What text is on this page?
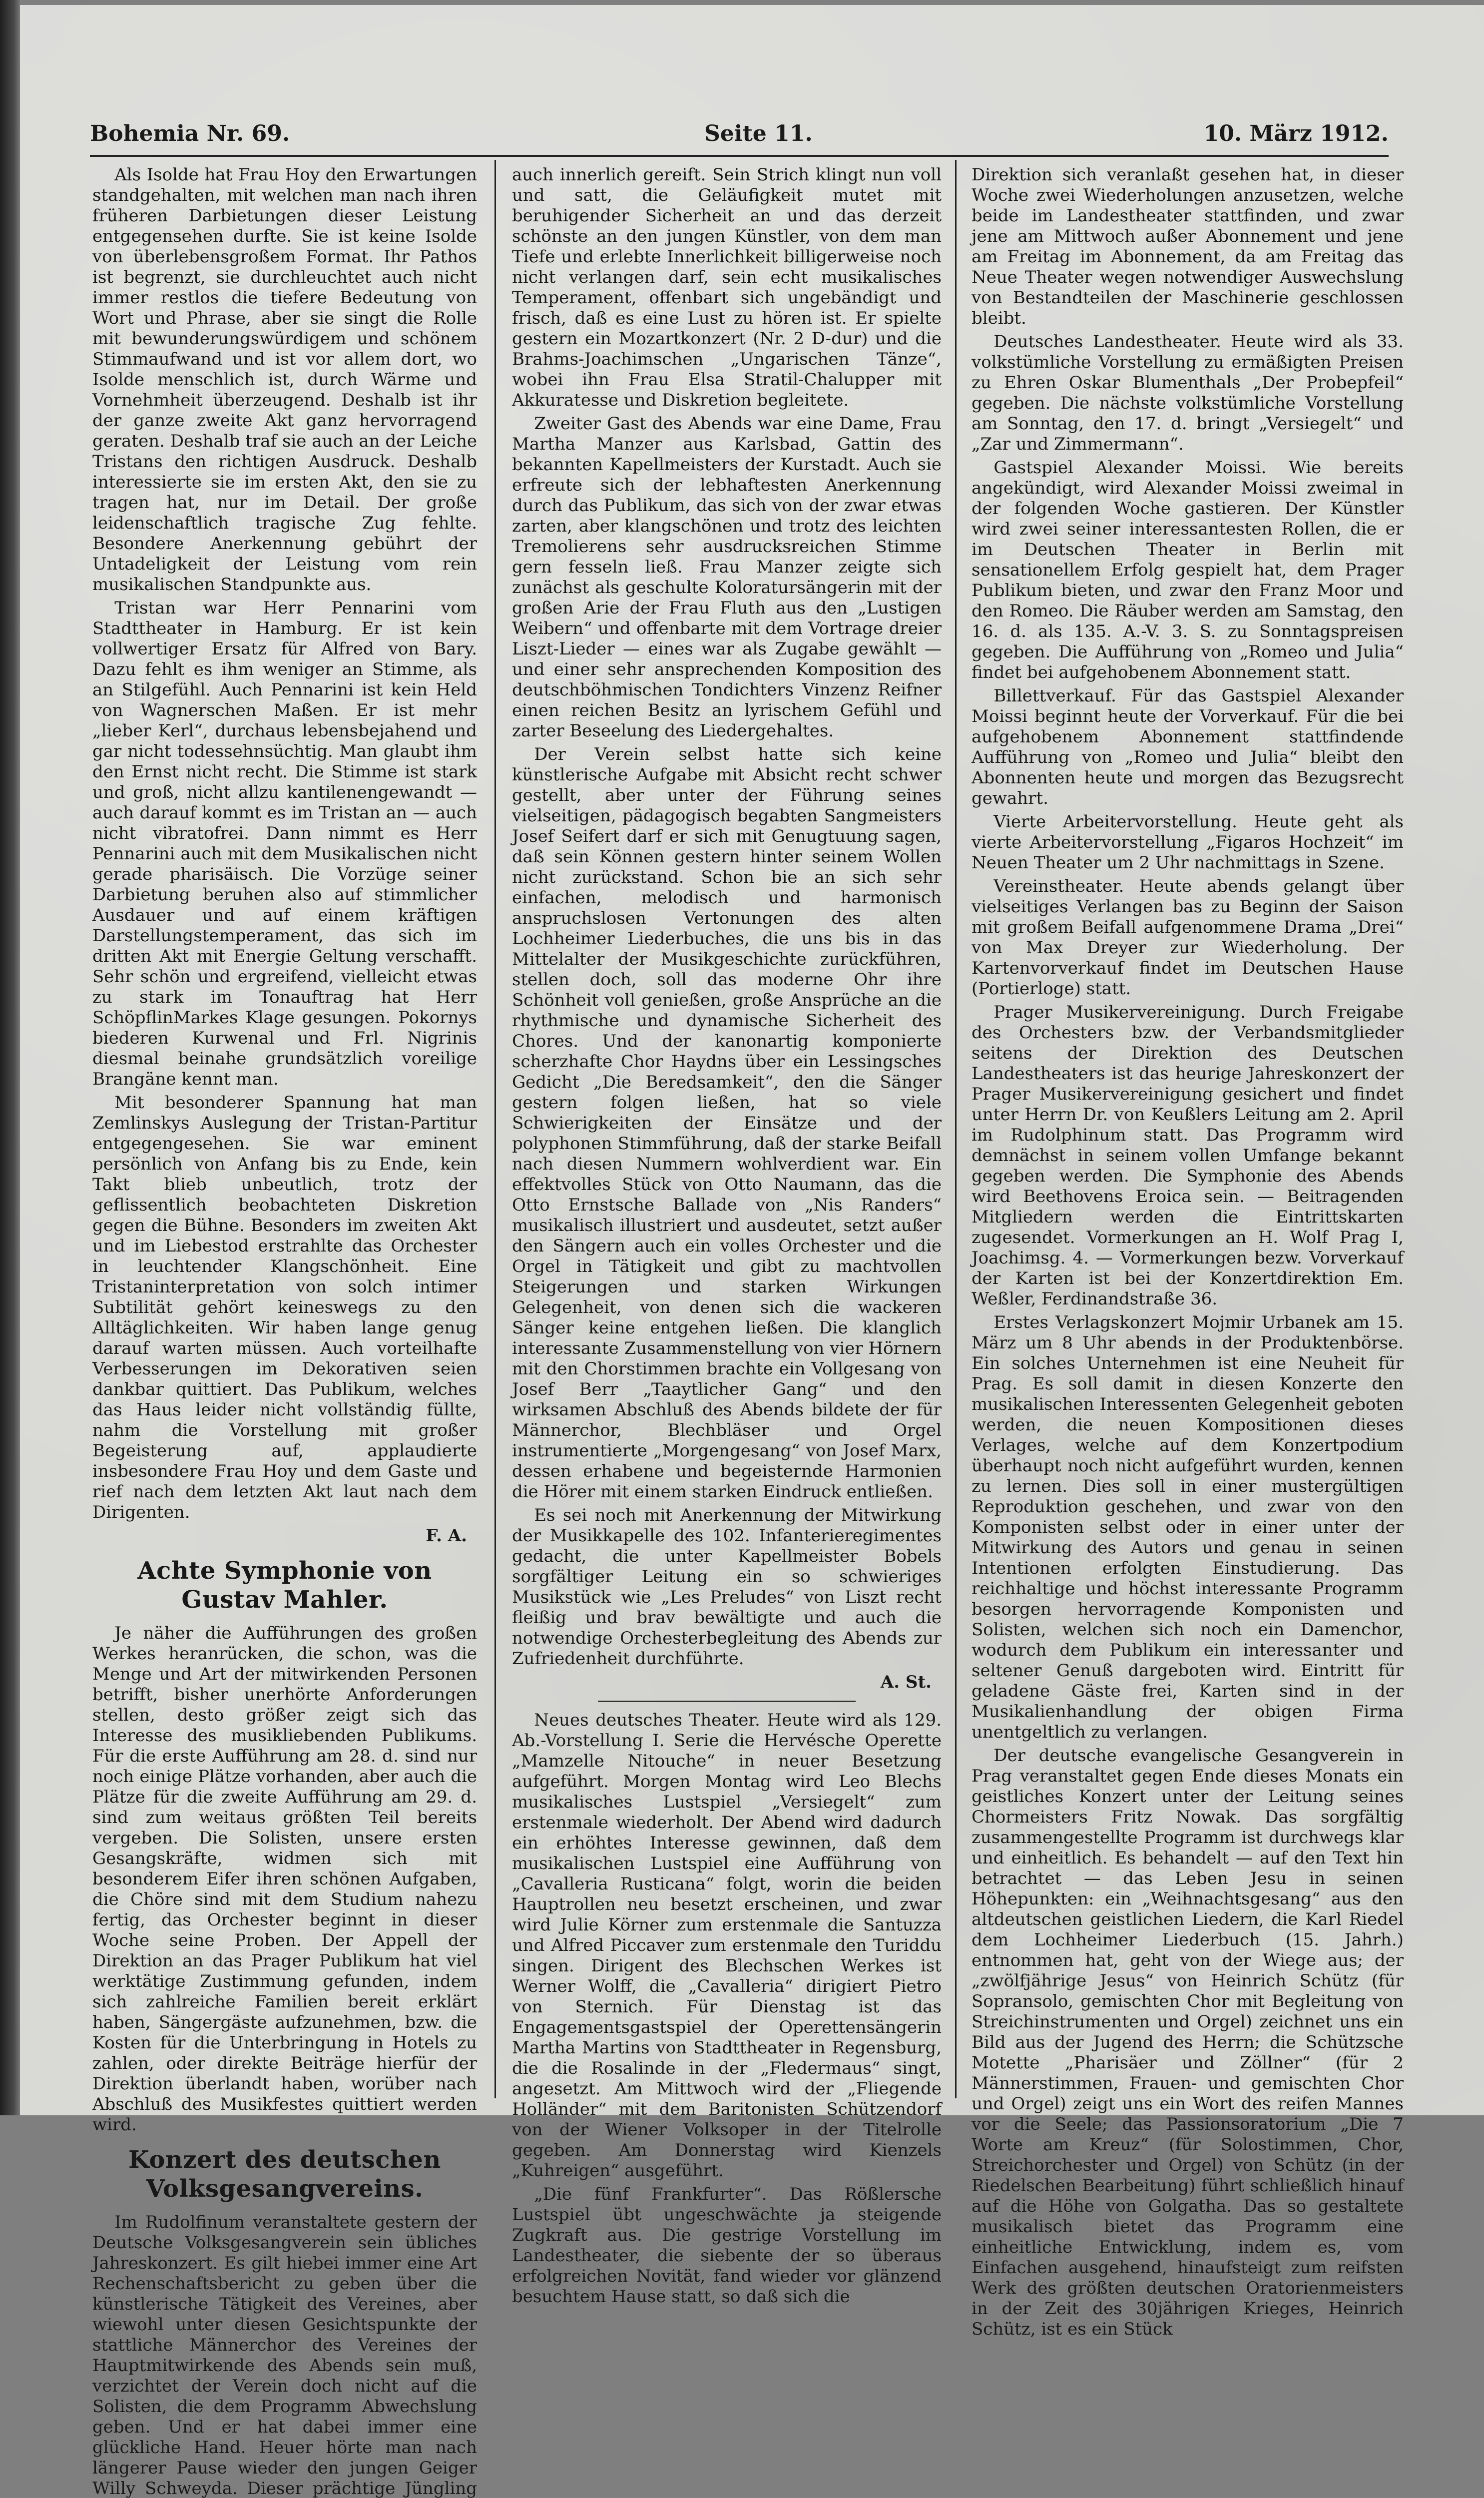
Bohemia Nr. 69.	Seite 11.	10. März 1912.

Als Isolde hat Frau Hoy den Erwartungen standgehalten, mit welchen man nach ihren früheren Darbietungen dieser Leistung entgegensehen durfte. Sie ist keine Isolde von überlebensgroßem Format. Ihr Pathos ist begrenzt, sie durchleuchtet auch nicht immer restlos die tiefere Bedeutung von Wort und Phrase, aber sie singt die Rolle mit bewunderungswürdigem und schönem Stimmaufwand und ist vor allem dort, wo Isolde menschlich ist, durch Wärme und Vornehmheit überzeugend. Deshalb ist ihr der ganze zweite Akt ganz hervorragend geraten. Deshalb traf sie auch an der Leiche Tristans den richtigen Ausdruck. Deshalb interessierte sie im ersten Akt, den sie zu tragen hat, nur im Detail. Der große leidenschaftlich tragische Zug fehlte. Besondere Anerkennung gebührt der Untadeligkeit der Leistung vom rein musikalischen Standpunkte aus.

Tristan war Herr Pennarini vom Stadttheater in Hamburg. Er ist kein vollwertiger Ersatz für Alfred von Bary. Dazu fehlt es ihm weniger an Stimme, als an Stilgefühl. Auch Pennarini ist kein Held von Wagnerschen Maßen. Er ist mehr „lieber Kerl“, durchaus lebensbejahend und gar nicht todessehnsüchtig. Man glaubt ihm den Ernst nicht recht. Die Stimme ist stark und groß, nicht allzu kantilenengewandt — auch darauf kommt es im Tristan an — auch nicht vibratofrei. Dann nimmt es Herr Pennarini auch mit dem Musikalischen nicht gerade pharisäisch. Die Vorzüge seiner Darbietung beruhen also auf stimmlicher Ausdauer und auf einem kräftigen Darstellungstemperament, das sich im dritten Akt mit Energie Geltung verschafft. Sehr schön und ergreifend, vielleicht etwas zu stark im Tonauftrag hat Herr SchöpflinMarkes Klage gesungen. Pokornys biederen Kurwenal und Frl. Nigrinis diesmal beinahe grundsätzlich voreilige Brangäne kennt man.

Mit besonderer Spannung hat man Zemlinskys Auslegung der Tristan-Partitur entgegengesehen. Sie war eminent persönlich von Anfang bis zu Ende, kein Takt blieb unbeutlich, trotz der geflissentlich beobachteten Diskretion gegen die Bühne. Besonders im zweiten Akt und im Liebestod erstrahlte das Orchester in leuchtender Klangschönheit. Eine Tristaninterpretation von solch intimer Subtilität gehört keineswegs zu den Alltäglichkeiten. Wir haben lange genug darauf warten müssen. Auch vorteilhafte Verbesserungen im Dekorativen seien dankbar quittiert. Das Publikum, welches das Haus leider nicht vollständig füllte, nahm die Vorstellung mit großer Begeisterung auf, applaudierte insbesondere Frau Hoy und dem Gaste und rief nach dem letzten Akt laut nach dem Dirigenten.

F. A.
Achte Symphonie von Gustav Mahler.

Je näher die Aufführungen des großen Werkes heranrücken, die schon, was die Menge und Art der mitwirkenden Personen betrifft, bisher unerhörte Anforderungen stellen, desto größer zeigt sich das Interesse des musikliebenden Publikums. Für die erste Aufführung am 28. d. sind nur noch einige Plätze vorhanden, aber auch die Plätze für die zweite Aufführung am 29. d. sind zum weitaus größten Teil bereits vergeben. Die Solisten, unsere ersten Gesangskräfte, widmen sich mit besonderem Eifer ihren schönen Aufgaben, die Chöre sind mit dem Studium nahezu fertig, das Orchester beginnt in dieser Woche seine Proben. Der Appell der Direktion an das Prager Publikum hat viel werktätige Zustimmung gefunden, indem sich zahlreiche Familien bereit erklärt haben, Sängergäste aufzunehmen, bzw. die Kosten für die Unterbringung in Hotels zu zahlen, oder direkte Beiträge hierfür der Direktion überlandt haben, worüber nach Abschluß des Musikfestes quittiert werden wird.

Konzert des deutschen Volksgesangvereins.

Im Rudolfinum veranstaltete gestern der Deutsche Volksgesangverein sein übliches Jahreskonzert. Es gilt hiebei immer eine Art Rechenschaftsbericht zu geben über die künstlerische Tätigkeit des Vereines, aber wiewohl unter diesen Gesichtspunkte der stattliche Männerchor des Vereines der Hauptmitwirkende des Abends sein muß, verzichtet der Verein doch nicht auf die Solisten, die dem Programm Abwechslung geben. Und er hat dabei immer eine glückliche Hand. Heuer hörte man nach längerer Pause wieder den jungen Geiger Willy Schweyda. Dieser prächtige Jüngling

auch innerlich gereift. Sein Strich klingt nun voll und satt, die Geläufigkeit mutet mit beruhigender Sicherheit an und das derzeit schönste an den jungen Künstler, von dem man Tiefe und erlebte Innerlichkeit billigerweise noch nicht verlangen darf, sein echt musikalisches Temperament, offenbart sich ungebändigt und frisch, daß es eine Lust zu hören ist. Er spielte gestern ein Mozartkonzert (Nr. 2 D-dur) und die Brahms-Joachimschen „Ungarischen Tänze“, wobei ihn Frau Elsa Stratil-Chalupper mit Akkuratesse und Diskretion begleitete.

Zweiter Gast des Abends war eine Dame, Frau Martha Manzer aus Karlsbad, Gattin des bekannten Kapellmeisters der Kurstadt. Auch sie erfreute sich der lebhaftesten Anerkennung durch das Publikum, das sich von der zwar etwas zarten, aber klangschönen und trotz des leichten Tremolierens sehr ausdrucksreichen Stimme gern fesseln ließ. Frau Manzer zeigte sich zunächst als geschulte Koloratursängerin mit der großen Arie der Frau Fluth aus den „Lustigen Weibern“ und offenbarte mit dem Vortrage dreier Liszt-Lieder — eines war als Zugabe gewählt — und einer sehr ansprechenden Komposition des deutschböhmischen Tondichters Vinzenz Reifner einen reichen Besitz an lyrischem Gefühl und zarter Beseelung des Liedergehaltes.

Der Verein selbst hatte sich keine künstlerische Aufgabe mit Absicht recht schwer gestellt, aber unter der Führung seines vielseitigen, pädagogisch begabten Sangmeisters Josef Seifert darf er sich mit Genugtuung sagen, daß sein Können gestern hinter seinem Wollen nicht zurückstand. Schon bie an sich sehr einfachen, melodisch und harmonisch anspruchslosen Vertonungen des alten Lochheimer Liederbuches, die uns bis in das Mittelalter der Musikgeschichte zurückführen, stellen doch, soll das moderne Ohr ihre Schönheit voll genießen, große Ansprüche an die rhythmische und dynamische Sicherheit des Chores. Und der kanonartig komponierte scherzhafte Chor Haydns über ein Lessingsches Gedicht „Die Beredsamkeit“, den die Sänger gestern folgen ließen, hat so viele Schwierigkeiten der Einsätze und der polyphonen Stimmführung, daß der starke Beifall nach diesen Nummern wohlverdient war. Ein effektvolles Stück von Otto Naumann, das die Otto Ernstsche Ballade von „Nis Randers“ musikalisch illustriert und ausdeutet, setzt außer den Sängern auch ein volles Orchester und die Orgel in Tätigkeit und gibt zu machtvollen Steigerungen und starken Wirkungen Gelegenheit, von denen sich die wackeren Sänger keine entgehen ließen. Die klanglich interessante Zusammenstellung von vier Hörnern mit den Chorstimmen brachte ein Vollgesang von Josef Berr „Taaytlicher Gang“ und den wirksamen Abschluß des Abends bildete der für Männerchor, Blechbläser und Orgel instrumentierte „Morgengesang“ von Josef Marx, dessen erhabene und begeisternde Harmonien die Hörer mit einem starken Eindruck entließen.

Es sei noch mit Anerkennung der Mitwirkung der Musikkapelle des 102. Infanterieregimentes gedacht, die unter Kapellmeister Bobels sorgfältiger Leitung ein so schwieriges Musikstück wie „Les Preludes“ von Liszt recht fleißig und brav bewältigte und auch die notwendige Orchesterbegleitung des Abends zur Zufriedenheit durchführte.

A. St.

Neues deutsches Theater. Heute wird als 129. Ab.-Vorstellung I. Serie die Hervésche Operette „Mamzelle Nitouche“ in neuer Besetzung aufgeführt. Morgen Montag wird Leo Blechs musikalisches Lustspiel „Versiegelt“ zum erstenmale wiederholt. Der Abend wird dadurch ein erhöhtes Interesse gewinnen, daß dem musikalischen Lustspiel eine Aufführung von „Cavalleria Rusticana“ folgt, worin die beiden Hauptrollen neu besetzt erscheinen, und zwar wird Julie Körner zum erstenmale die Santuzza und Alfred Piccaver zum erstenmale den Turiddu singen. Dirigent des Blechschen Werkes ist Werner Wolff, die „Cavalleria“ dirigiert Pietro von Sternich. Für Dienstag ist das Engagementsgastspiel der Operettensängerin Martha Martins von Stadttheater in Regensburg, die die Rosalinde in der „Fledermaus“ singt, angesetzt. Am Mittwoch wird der „Fliegende Holländer“ mit dem Baritonisten Schützendorf von der Wiener Volksoper in der Titelrolle gegeben. Am Donnerstag wird Kienzels „Kuhreigen“ ausgeführt.

„Die fünf Frankfurter“. Das Rößlersche Lustspiel übt ungeschwächte ja steigende Zugkraft aus. Die gestrige Vorstellung im Landestheater, die siebente der so überaus erfolgreichen Novität, fand wieder vor glänzend besuchtem Hause statt, so daß sich die

Direktion sich veranlaßt gesehen hat, in dieser Woche zwei Wiederholungen anzusetzen, welche beide im Landestheater stattfinden, und zwar jene am Mittwoch außer Abonnement und jene am Freitag im Abonnement, da am Freitag das Neue Theater wegen notwendiger Auswechslung von Bestandteilen der Maschinerie geschlossen bleibt.

Deutsches Landestheater. Heute wird als 33. volkstümliche Vorstellung zu ermäßigten Preisen zu Ehren Oskar Blumenthals „Der Probepfeil“ gegeben. Die nächste volkstümliche Vorstellung am Sonntag, den 17. d. bringt „Versiegelt“ und „Zar und Zimmermann“.

Gastspiel Alexander Moissi. Wie bereits angekündigt, wird Alexander Moissi zweimal in der folgenden Woche gastieren. Der Künstler wird zwei seiner interessantesten Rollen, die er im Deutschen Theater in Berlin mit sensationellem Erfolg gespielt hat, dem Prager Publikum bieten, und zwar den Franz Moor und den Romeo. Die Räuber werden am Samstag, den 16. d. als 135. A.-V. 3. S. zu Sonntagspreisen gegeben. Die Aufführung von „Romeo und Julia“ findet bei aufgehobenem Abonnement statt.

Billettverkauf. Für das Gastspiel Alexander Moissi beginnt heute der Vorverkauf. Für die bei aufgehobenem Abonnement stattfindende Aufführung von „Romeo und Julia“ bleibt den Abonnenten heute und morgen das Bezugsrecht gewahrt.

Vierte Arbeitervorstellung. Heute geht als vierte Arbeitervorstellung „Figaros Hochzeit“ im Neuen Theater um 2 Uhr nachmittags in Szene.

Vereinstheater. Heute abends gelangt über vielseitiges Verlangen bas zu Beginn der Saison mit großem Beifall aufgenommene Drama „Drei“ von Max Dreyer zur Wiederholung. Der Kartenvorverkauf findet im Deutschen Hause (Portierloge) statt.

Prager Musikervereinigung. Durch Freigabe des Orchesters bzw. der Verbandsmitglieder seitens der Direktion des Deutschen Landestheaters ist das heurige Jahreskonzert der Prager Musikervereinigung gesichert und findet unter Herrn Dr. von Keußlers Leitung am 2. April im Rudolphinum statt. Das Programm wird demnächst in seinem vollen Umfange bekannt gegeben werden. Die Symphonie des Abends wird Beethovens Eroica sein. — Beitragenden Mitgliedern werden die Eintrittskarten zugesendet. Vormerkungen an H. Wolf Prag I, Joachimsg. 4. — Vormerkungen bezw. Vorverkauf der Karten ist bei der Konzertdirektion Em. Weßler, Ferdinandstraße 36.

Erstes Verlagskonzert Mojmir Urbanek am 15. März um 8 Uhr abends in der Produktenbörse. Ein solches Unternehmen ist eine Neuheit für Prag. Es soll damit in diesen Konzerte den musikalischen Interessenten Gelegenheit geboten werden, die neuen Kompositionen dieses Verlages, welche auf dem Konzertpodium überhaupt noch nicht aufgeführt wurden, kennen zu lernen. Dies soll in einer mustergültigen Reproduktion geschehen, und zwar von den Komponisten selbst oder in einer unter der Mitwirkung des Autors und genau in seinen Intentionen erfolgten Einstudierung. Das reichhaltige und höchst interessante Programm besorgen hervorragende Komponisten und Solisten, welchen sich noch ein Damenchor, wodurch dem Publikum ein interessanter und seltener Genuß dargeboten wird. Eintritt für geladene Gäste frei, Karten sind in der Musikalienhandlung der obigen Firma unentgeltlich zu verlangen.

Der deutsche evangelische Gesangverein in Prag veranstaltet gegen Ende dieses Monats ein geistliches Konzert unter der Leitung seines Chormeisters Fritz Nowak. Das sorgfältig zusammengestellte Programm ist durchwegs klar und einheitlich. Es behandelt — auf den Text hin betrachtet — das Leben Jesu in seinen Höhepunkten: ein „Weihnachtsgesang“ aus den altdeutschen geistlichen Liedern, die Karl Riedel dem Lochheimer Liederbuch (15. Jahrh.) entnommen hat, geht von der Wiege aus; der „zwölfjährige Jesus“ von Heinrich Schütz (für Sopransolo, gemischten Chor mit Begleitung von Streichinstrumenten und Orgel) zeichnet uns ein Bild aus der Jugend des Herrn; die Schützsche Motette „Pharisäer und Zöllner“ (für 2 Männerstimmen, Frauen- und gemischten Chor und Orgel) zeigt uns ein Wort des reifen Mannes vor die Seele; das Passionsoratorium „Die 7 Worte am Kreuz“ (für Solostimmen, Chor, Streichorchester und Orgel) von Schütz (in der Riedelschen Bearbeitung) führt schließlich hinauf auf die Höhe von Golgatha. Das so gestaltete musikalisch bietet das Programm eine einheitliche Entwicklung, indem es, vom Einfachen ausgehend, hinaufsteigt zum reifsten Werk des größten deutschen Oratorienmeisters in der Zeit des 30jährigen Krieges, Heinrich Schütz, ist es ein Stück
